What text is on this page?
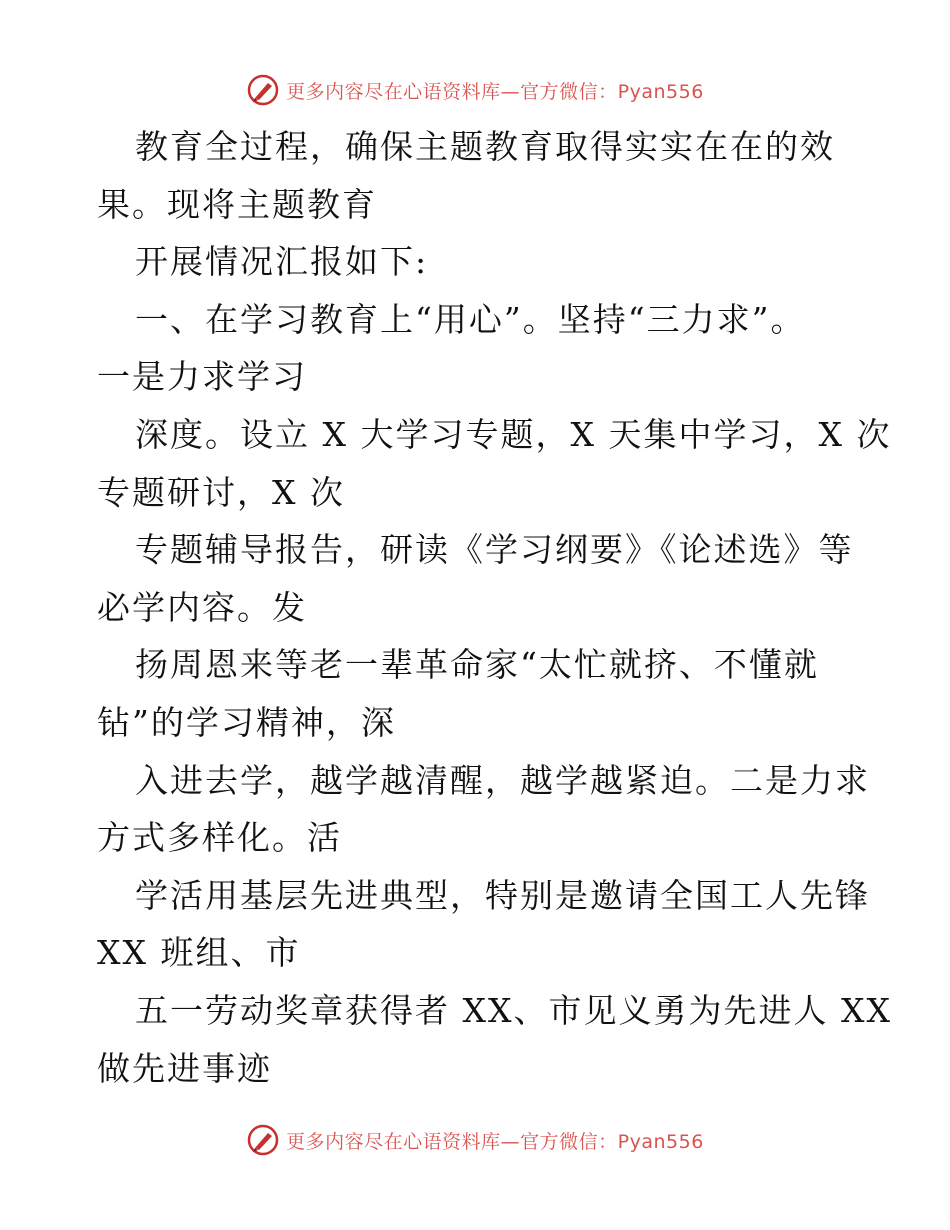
更多内容尽在心语资料库—官方微信：Pyan556

教育全过程，确保主题教育取得实实在在的效
果。现将主题教育

开展情况汇报如下:

一、在学习教育上“用心”。坚持“三力求”。
一是力求学习

深度。设立 X 大学习专题，X 天集中学习，X 次
专题研讨，X 次

专题辅导报告，研读《学习纲要》《论述选》等
必学内容。发

扬周恩来等老一辈革命家“太忙就挤、不懂就
钻”的学习精神，深

入进去学，越学越清醒，越学越紧迫。二是力求
方式多样化。活

学活用基层先进典型，特别是邀请全国工人先锋
XX 班组、市

五一劳动奖章获得者 XX、市见义勇为先进人 XX
做先进事迹

更多内容尽在心语资料库—官方微信：Pyan556
